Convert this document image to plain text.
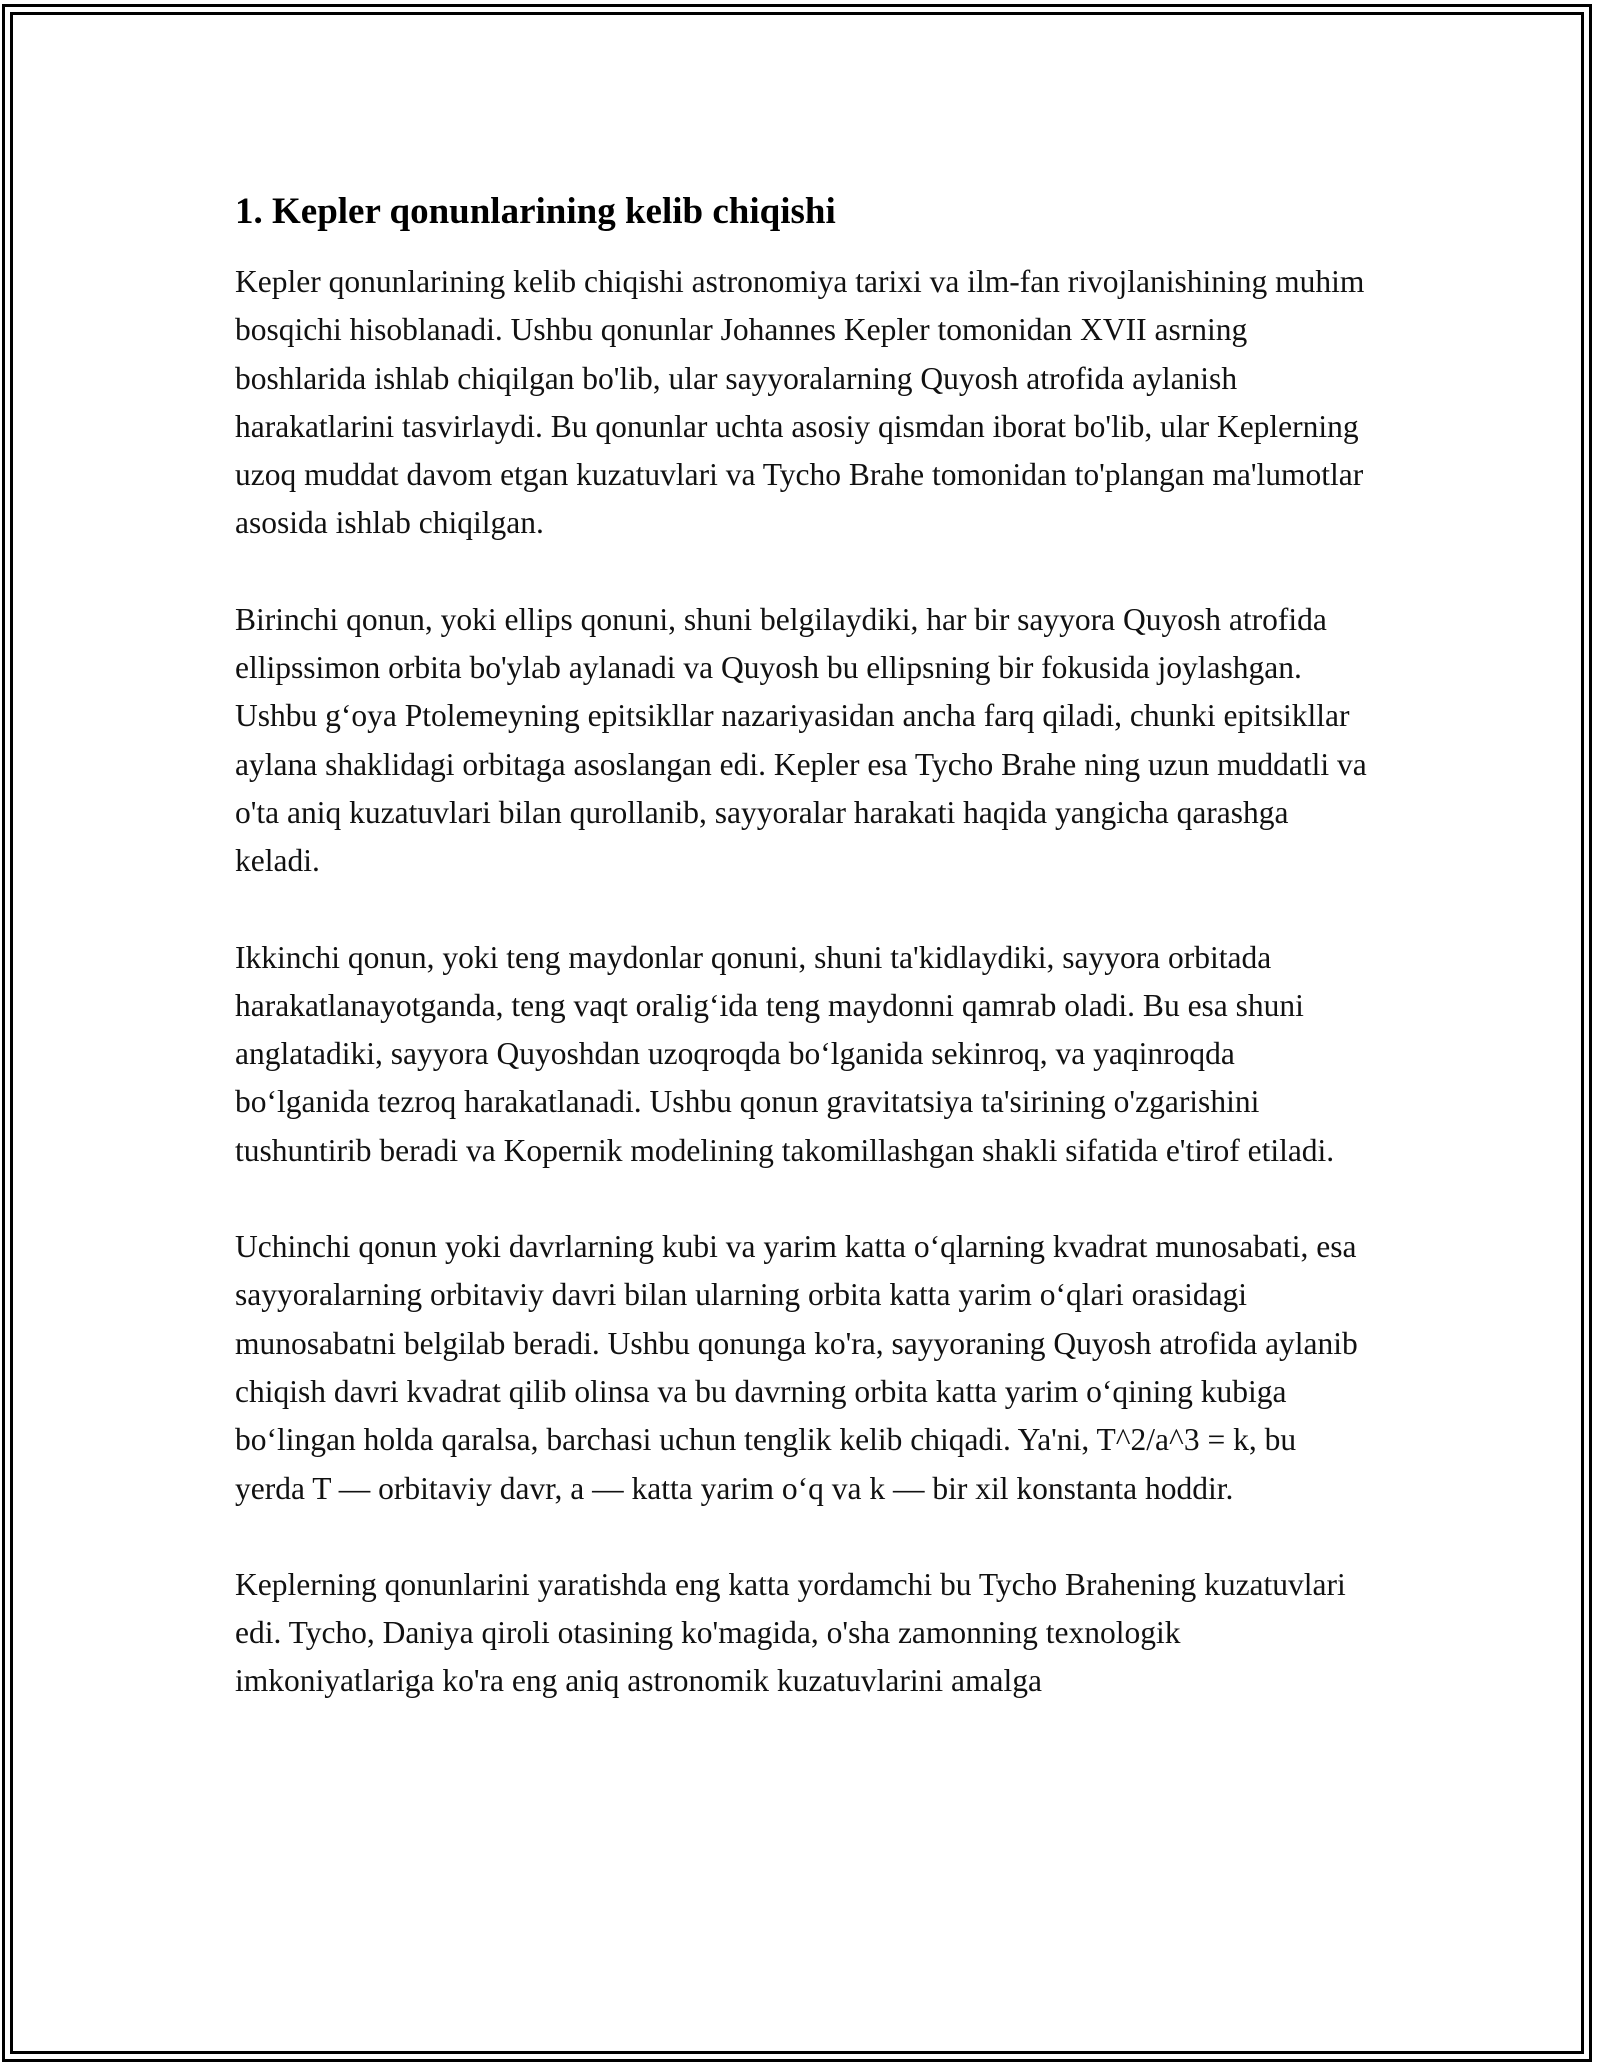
1. Kepler qonunlarining kelib chiqishi

Kepler qonunlarining kelib chiqishi astronomiya tarixi va ilm-fan rivojlanishining muhim bosqichi hisoblanadi. Ushbu qonunlar Johannes Kepler tomonidan XVII asrning boshlarida ishlab chiqilgan bo'lib, ular sayyoralarning Quyosh atrofida aylanish harakatlarini tasvirlaydi. Bu qonunlar uchta asosiy qismdan iborat bo'lib, ular Keplerning uzoq muddat davom etgan kuzatuvlari va Tycho Brahe tomonidan to'plangan ma'lumotlar asosida ishlab chiqilgan.

Birinchi qonun, yoki ellips qonuni, shuni belgilaydiki, har bir sayyora Quyosh atrofida ellipssimon orbita bo'ylab aylanadi va Quyosh bu ellipsning bir fokusida joylashgan. Ushbu g‘oya Ptolemeyning epitsikllar nazariyasidan ancha farq qiladi, chunki epitsikllar aylana shaklidagi orbitaga asoslangan edi. Kepler esa Tycho Brahe ning uzun muddatli va o'ta aniq kuzatuvlari bilan qurollanib, sayyoralar harakati haqida yangicha qarashga keladi.

Ikkinchi qonun, yoki teng maydonlar qonuni, shuni ta'kidlaydiki, sayyora orbitada harakatlanayotganda, teng vaqt oralig‘ida teng maydonni qamrab oladi. Bu esa shuni anglatadiki, sayyora Quyoshdan uzoqroqda bo‘lganida sekinroq, va yaqinroqda bo‘lganida tezroq harakatlanadi. Ushbu qonun gravitatsiya ta'sirining o'zgarishini tushuntirib beradi va Kopernik modelining takomillashgan shakli sifatida e'tirof etiladi.

Uchinchi qonun yoki davrlarning kubi va yarim katta o‘qlarning kvadrat munosabati, esa sayyoralarning orbitaviy davri bilan ularning orbita katta yarim o‘qlari orasidagi munosabatni belgilab beradi. Ushbu qonunga ko'ra, sayyoraning Quyosh atrofida aylanib chiqish davri kvadrat qilib olinsa va bu davrning orbita katta yarim o‘qining kubiga bo‘lingan holda qaralsa, barchasi uchun tenglik kelib chiqadi. Ya'ni, T^2/a^3 = k, bu yerda T — orbitaviy davr, a — katta yarim o‘q va k — bir xil konstanta hoddir.

Keplerning qonunlarini yaratishda eng katta yordamchi bu Tycho Brahening kuzatuvlari edi. Tycho, Daniya qiroli otasining ko'magida, o'sha zamonning texnologik imkoniyatlariga ko'ra eng aniq astronomik kuzatuvlarini amalga
